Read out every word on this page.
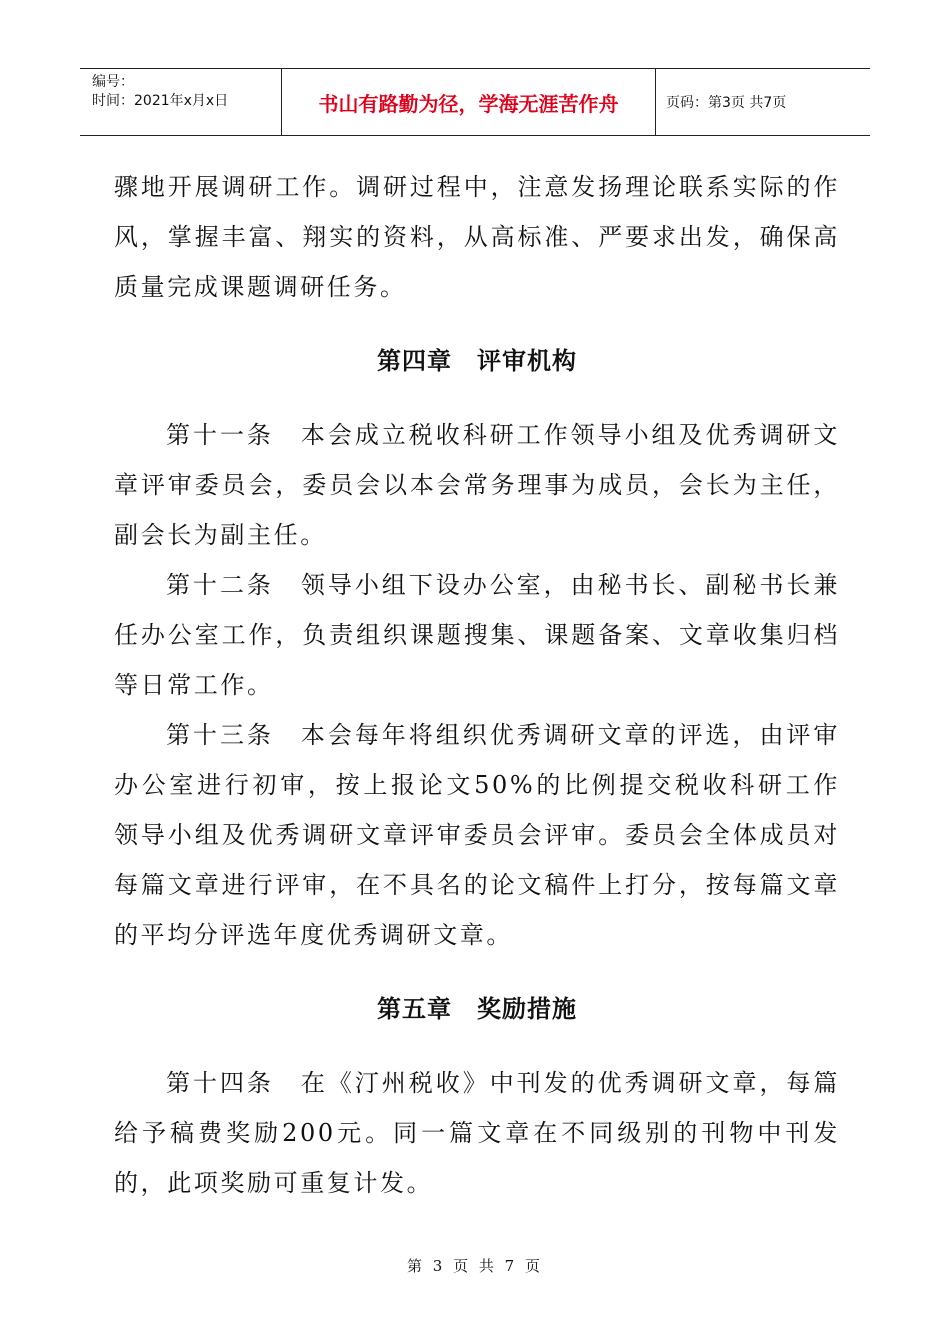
编号：
时间：2021年x月x日	书山有路勤为径，学海无涯苦作舟	页码：第3页 共7页

骤地开展调研工作。调研过程中，注意发扬理论联系实际的作风，掌握丰富、翔实的资料，从高标准、严要求出发，确保高质量完成课题调研任务。

第四章　评审机构

第十一条　本会成立税收科研工作领导小组及优秀调研文章评审委员会，委员会以本会常务理事为成员，会长为主任，副会长为副主任。

第十二条　领导小组下设办公室，由秘书长、副秘书长兼任办公室工作，负责组织课题搜集、课题备案、文章收集归档等日常工作。

第十三条　本会每年将组织优秀调研文章的评选，由评审办公室进行初审，按上报论文50%的比例提交税收科研工作领导小组及优秀调研文章评审委员会评审。委员会全体成员对每篇文章进行评审，在不具名的论文稿件上打分，按每篇文章的平均分评选年度优秀调研文章。

第五章　奖励措施

第十四条　在《汀州税收》中刊发的优秀调研文章，每篇给予稿费奖励200元。同一篇文章在不同级别的刊物中刊发的，此项奖励可重复计发。

第 3 页 共 7 页
